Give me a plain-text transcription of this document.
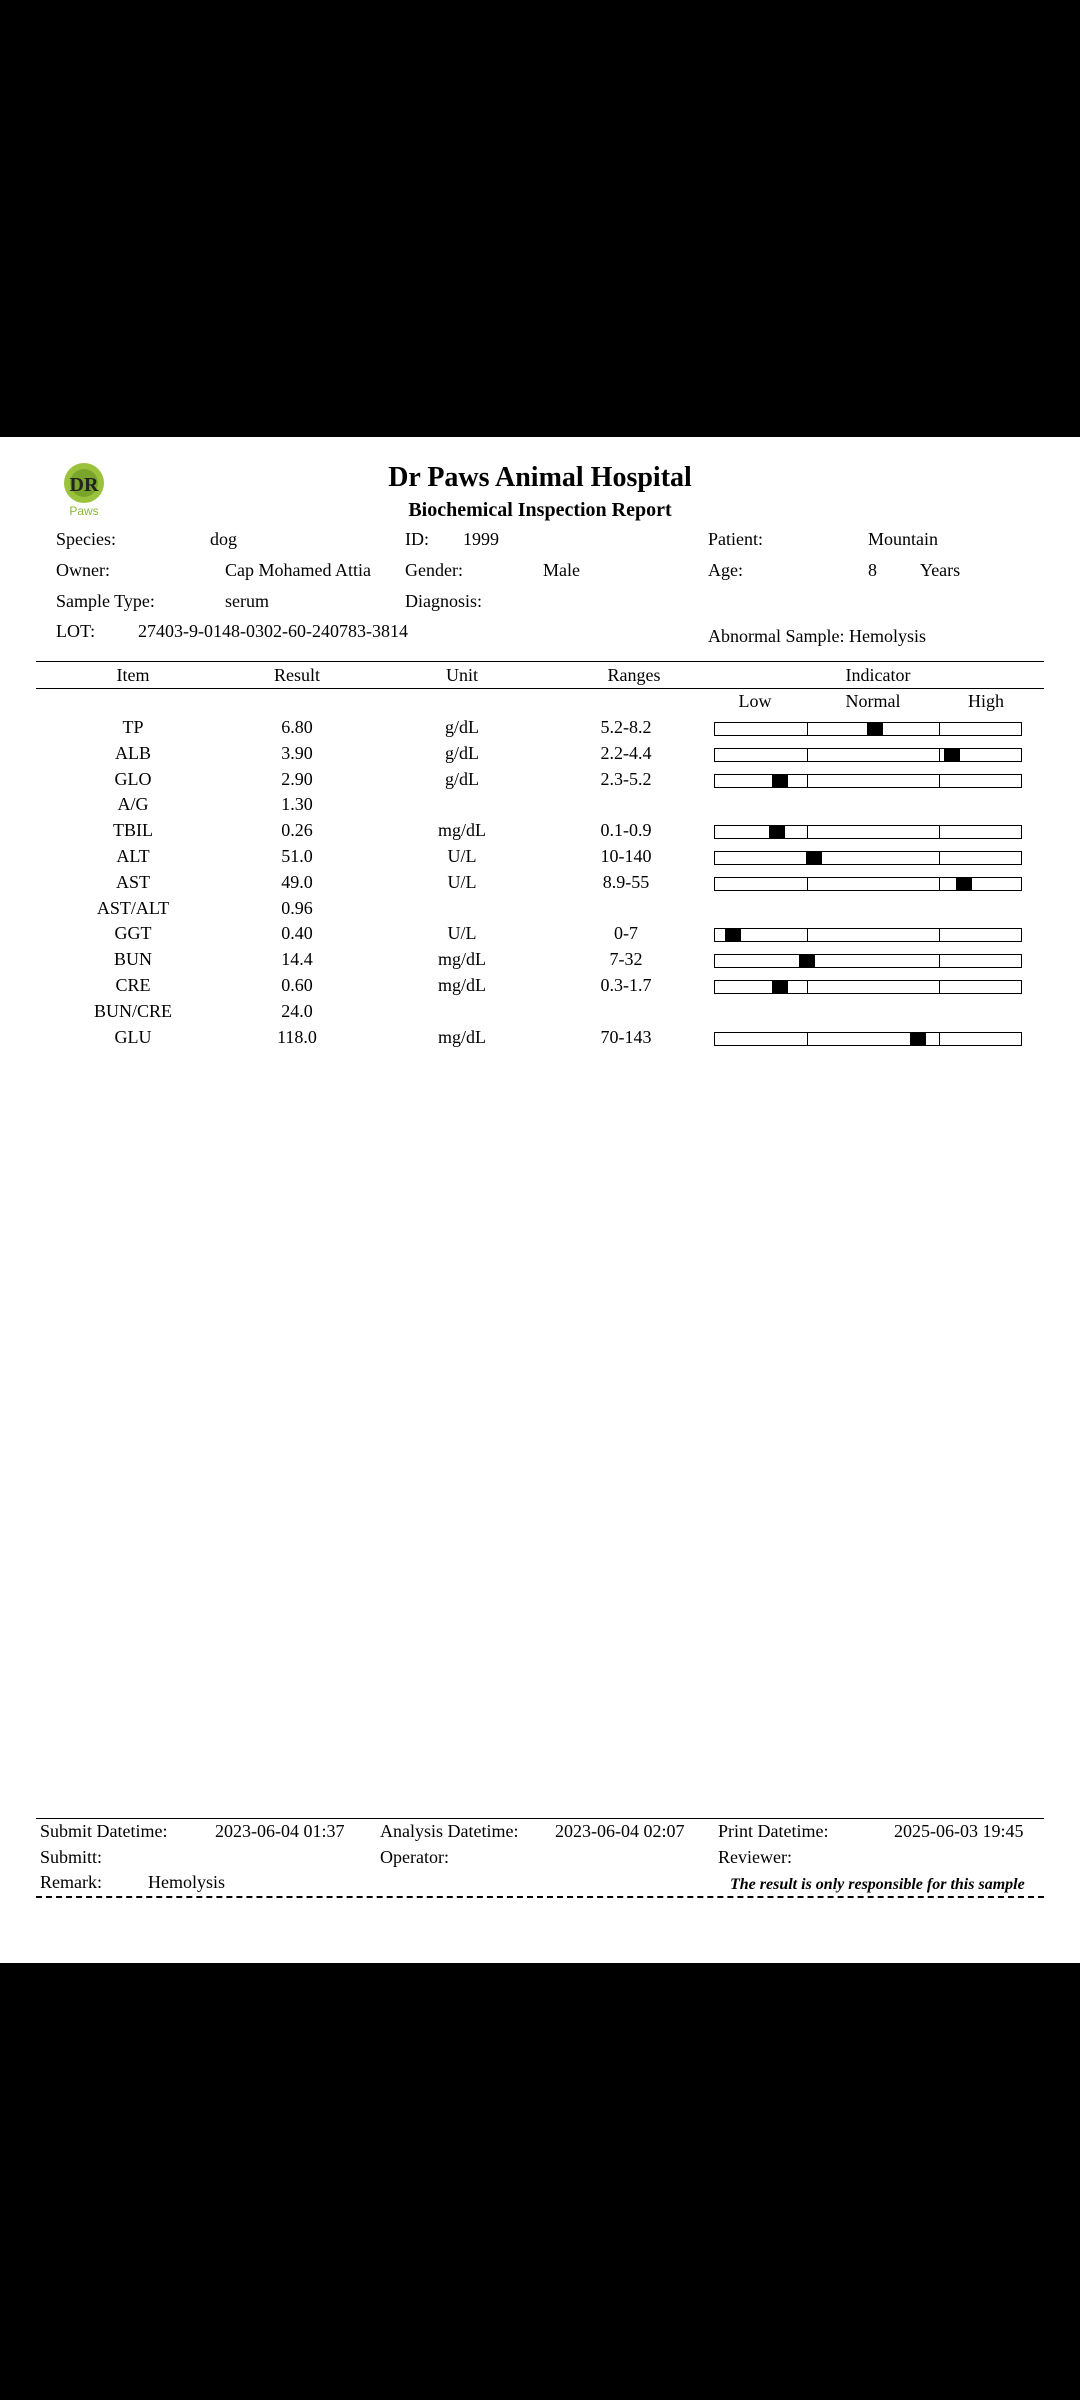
DR
Paws
Dr Paws Animal Hospital
Biochemical Inspection Report
Species:	dog	ID: 1999	Patient:	Mountain
Owner:	Cap Mohamed Attia Gender:	Male	Age:	8 Years
Sample Type:	serum	Diagnosis:
LOT: 27403-9-0148-0302-60-240783-3814	Abnormal Sample: Hemolysis
Item	Result	Unit	Ranges	Indicator
Low	Normal	High
TP	6.80	g/dL	5.2-8.2
ALB	3.90	g/dL	2.2-4.4
GLO	2.90	g/dL	2.3-5.2
A/G	1.30
TBIL	0.26	mg/dL	0.1-0.9
ALT	51.0	U/L	10-140
AST	49.0	U/L	8.9-55
AST/ALT	0.96
GGT	0.40	U/L	0-7
BUN	14.4	mg/dL	7-32
CRE	0.60	mg/dL	0.3-1.7
BUN/CRE	24.0
GLU	118.0	mg/dL	70-143
Submit Datetime:	2023-06-04 01:37 Analysis Datetime: 2023-06-04 02:07 Print Datetime:	2025-06-03 19:45
Submitt:	Operator:	Reviewer:
Remark:	Hemolysis	The result is only responsible for this sample
